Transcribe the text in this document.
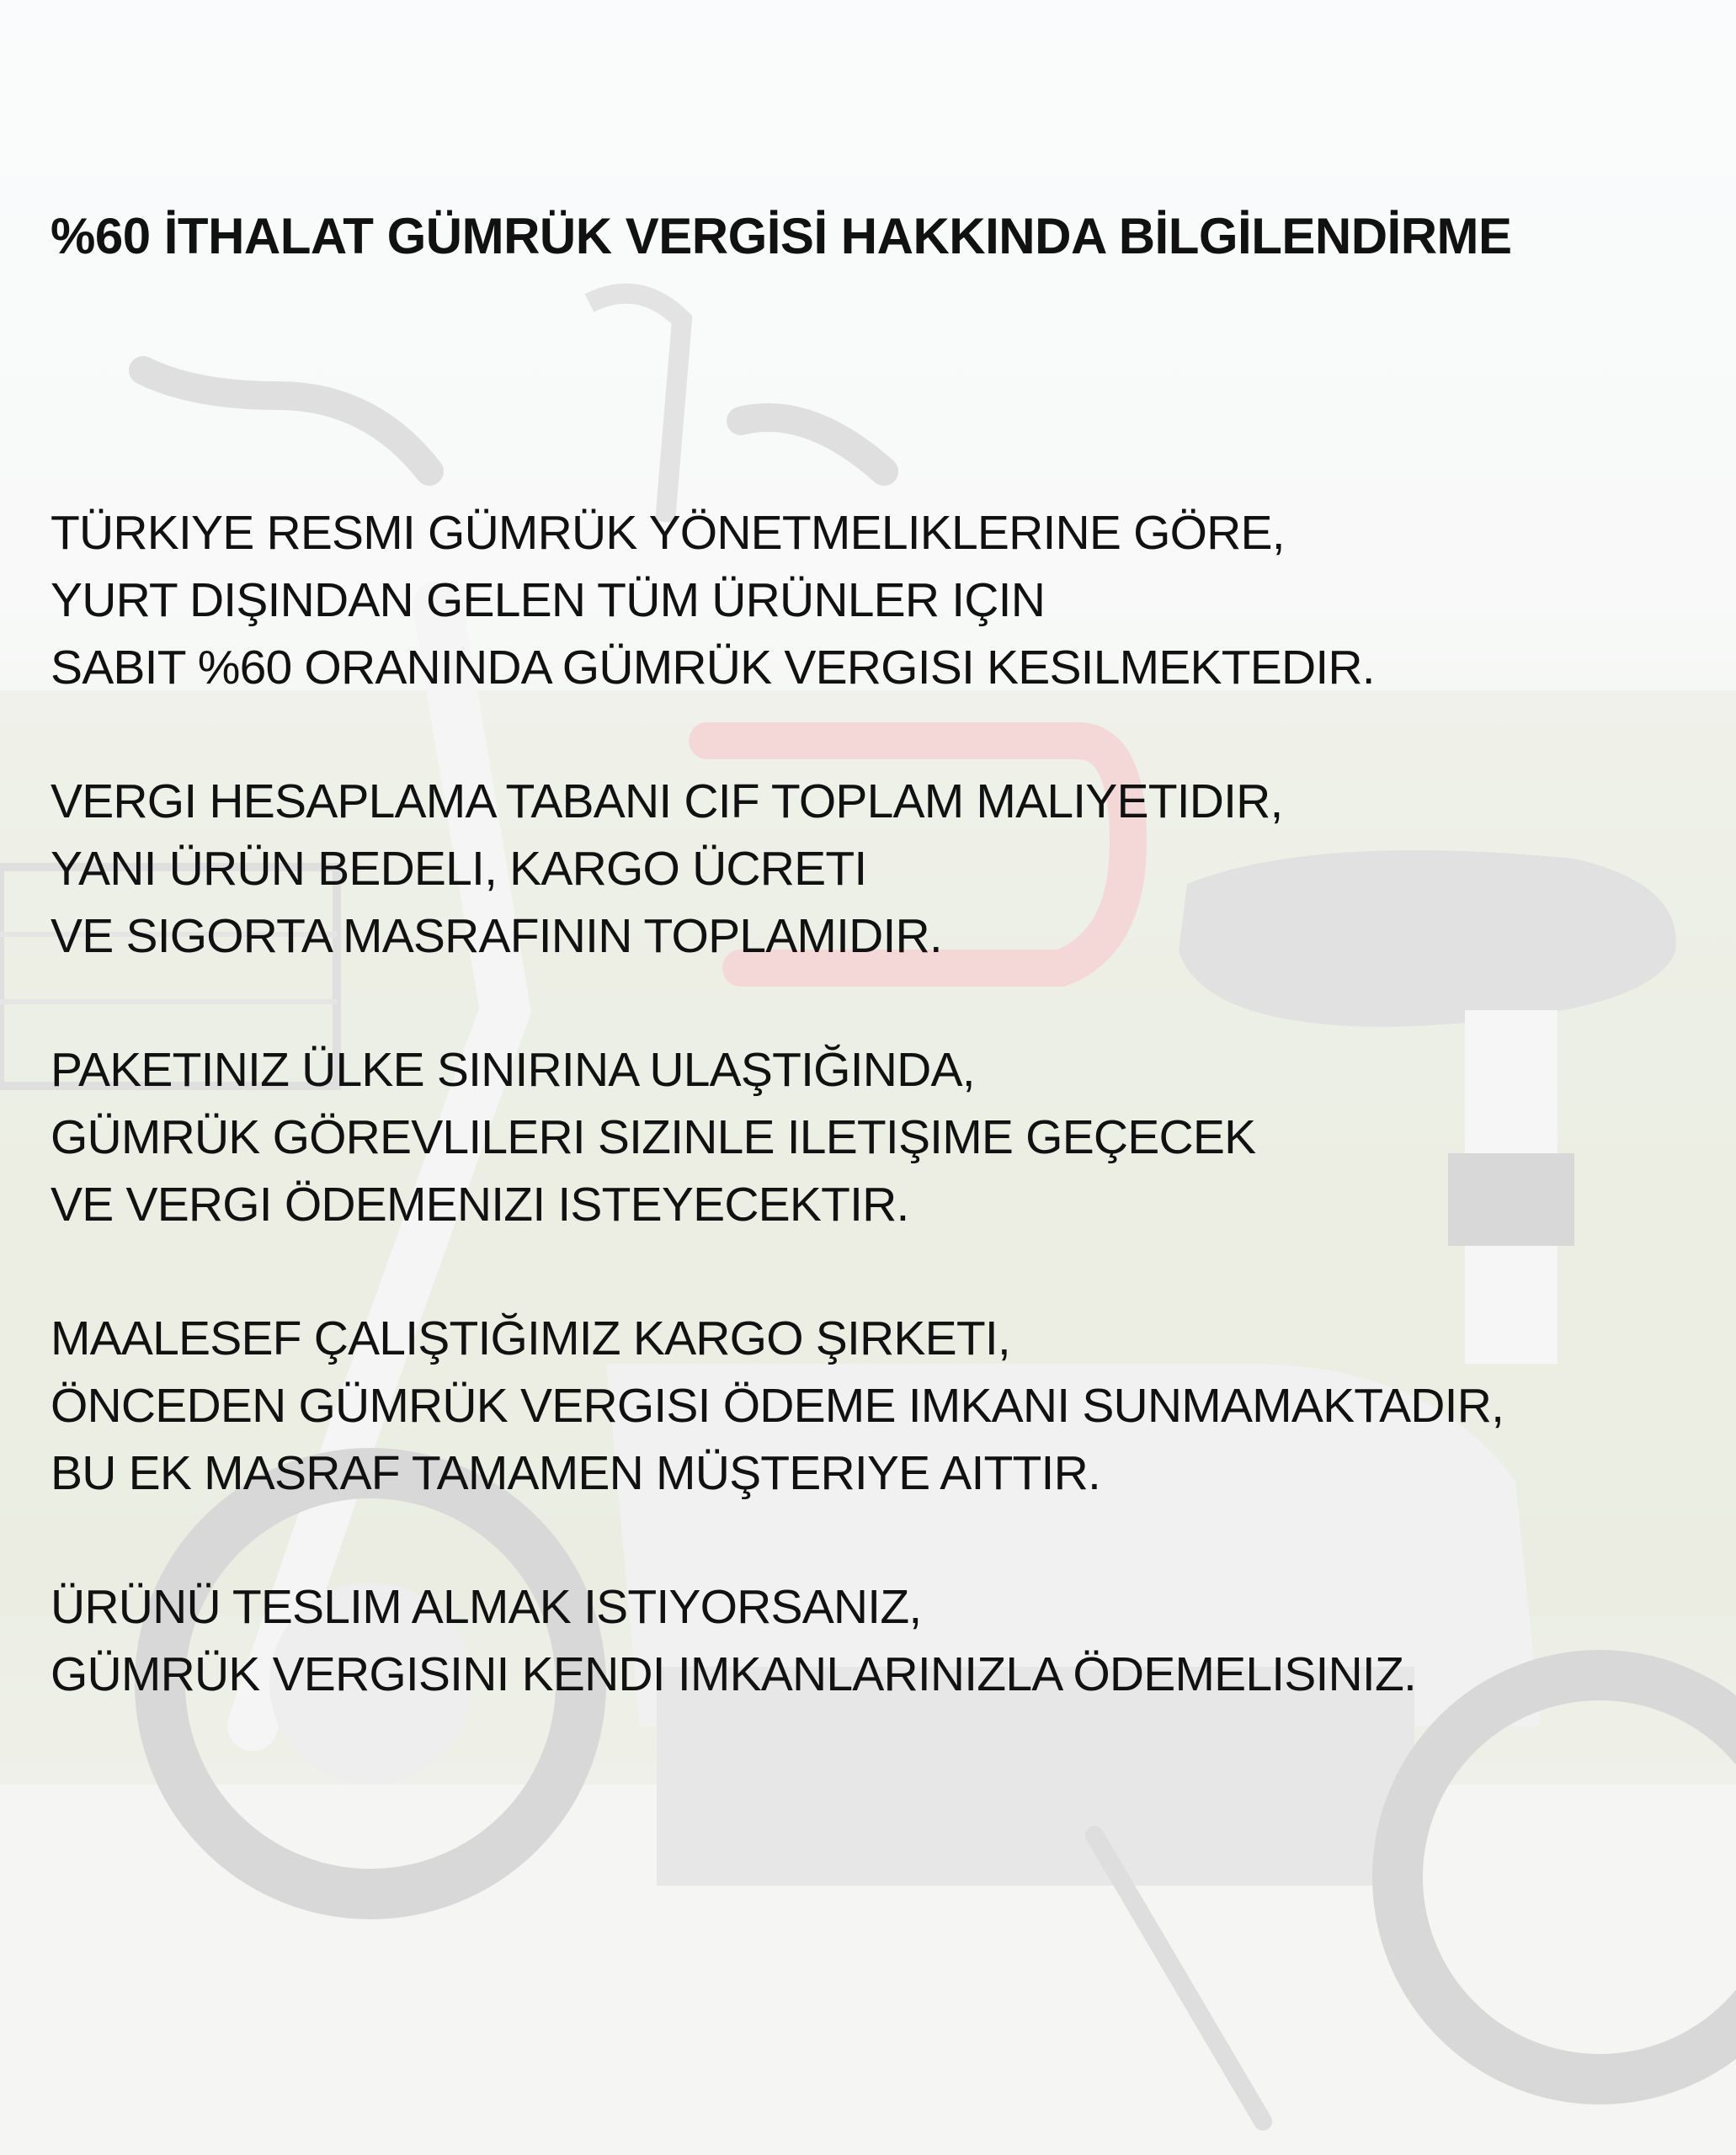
%60 İTHALAT GÜMRÜK VERGİSİ HAKKINDA BİLGİLENDİRME

TÜRKIYE RESMI GÜMRÜK YÖNETMELIKLERINE GÖRE,
YURT DIŞINDAN GELEN TÜM ÜRÜNLER IÇIN
SABIT %60 ORANINDA GÜMRÜK VERGISI KESILMEKTEDIR.

VERGI HESAPLAMA TABANI CIF TOPLAM MALIYETIDIR,
YANI ÜRÜN BEDELI, KARGO ÜCRETI
VE SIGORTA MASRAFININ TOPLAMIDIR.

PAKETINIZ ÜLKE SINIRINA ULAŞTIĞINDA,
GÜMRÜK GÖREVLILERI SIZINLE ILETIŞIME GEÇECEK
VE VERGI ÖDEMENIZI ISTEYECEKTIR.

MAALESEF ÇALIŞTIĞIMIZ KARGO ŞIRKETI,
ÖNCEDEN GÜMRÜK VERGISI ÖDEME IMKANI SUNMAMAKTADIR,
BU EK MASRAF TAMAMEN MÜŞTERIYE AITTIR.

ÜRÜNÜ TESLIM ALMAK ISTIYORSANIZ,
GÜMRÜK VERGISINI KENDI IMKANLARINIZLA ÖDEMELISINIZ.
